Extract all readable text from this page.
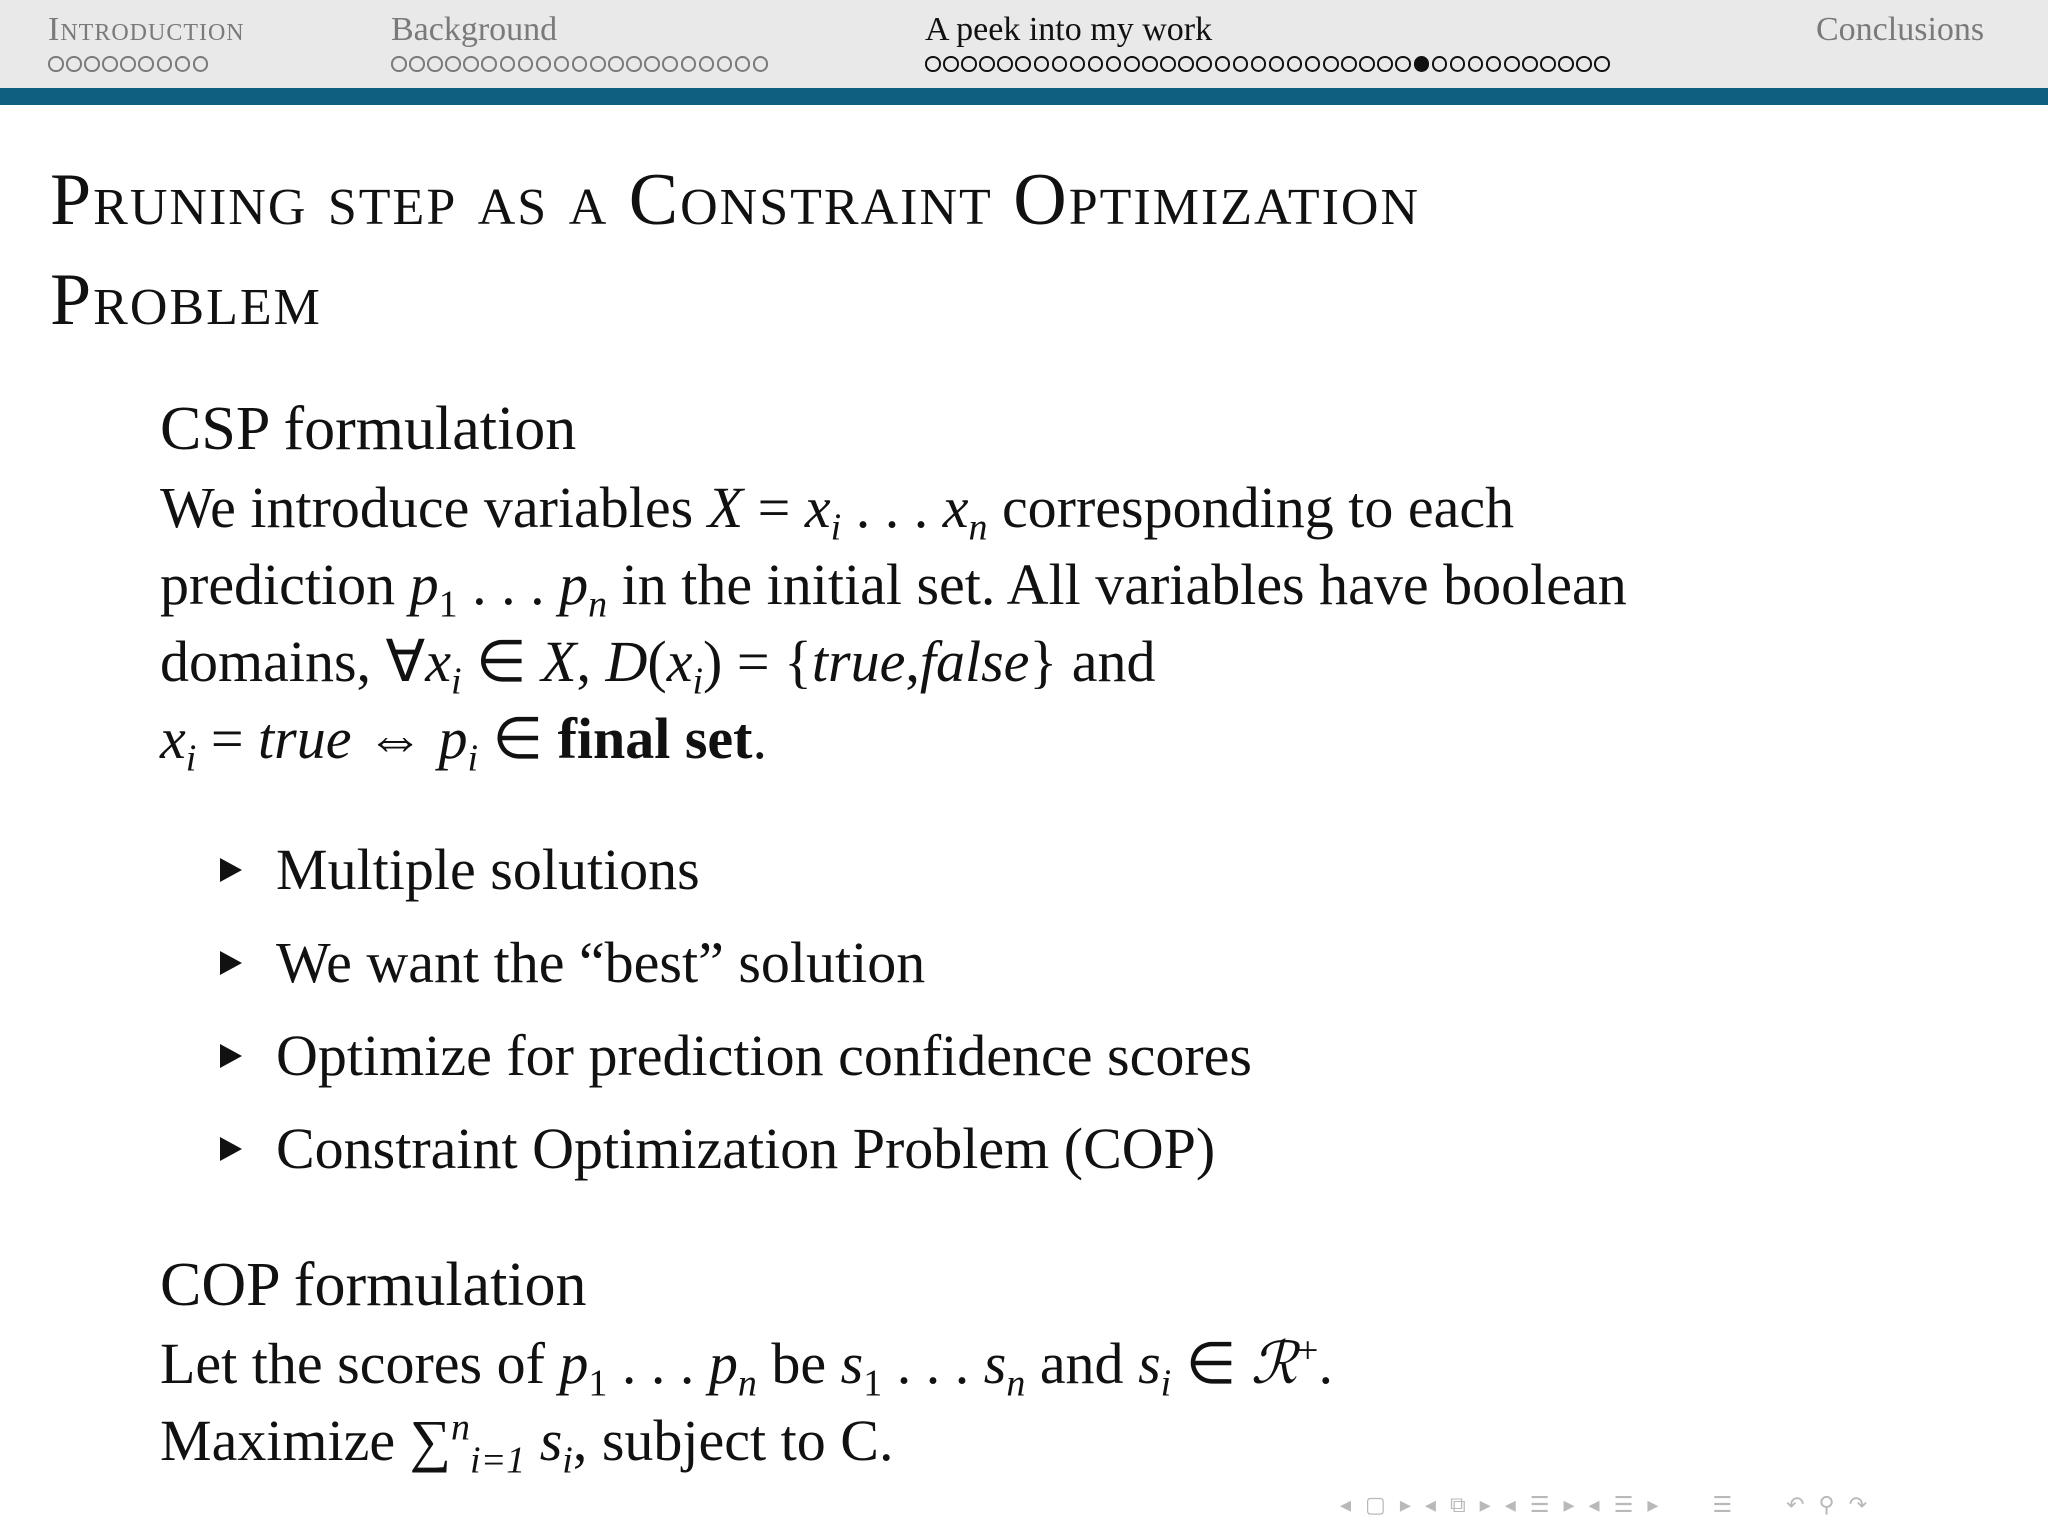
Introduction	Background	A peek into my work	Conclusions
Pruning step as a Constraint Optimization
Problem
CSP formulation
We introduce variables $X = x_i$ . . . $x_n$ corresponding to each
prediction $p_1$ . . . $p_n$ in the initial set. All variables have boolean
domains, $\forall x_i$ ∈ X, $D(x_i)$ = {true,false} and
$x_i$ = true ⇔ $p_i$ ∈ final set.
Multiple solutions
We want the “best” solution
Optimize for prediction confidence scores
Constraint Optimization Problem (COP)
COP formulation
Let the scores of $p_1$ . . . $p_n$ be $s_1$ . . . $s_n$ and $s_i$ ∈ ℛ+.
Maximize ∑$^n_{i=1}$ $s_i$, subject to C.
◂ ▢ ▸ ◂ ⧉ ▸ ◂ ☰ ▸ ◂ ☰ ▸ ☰ ↶ ⚲ ↷
